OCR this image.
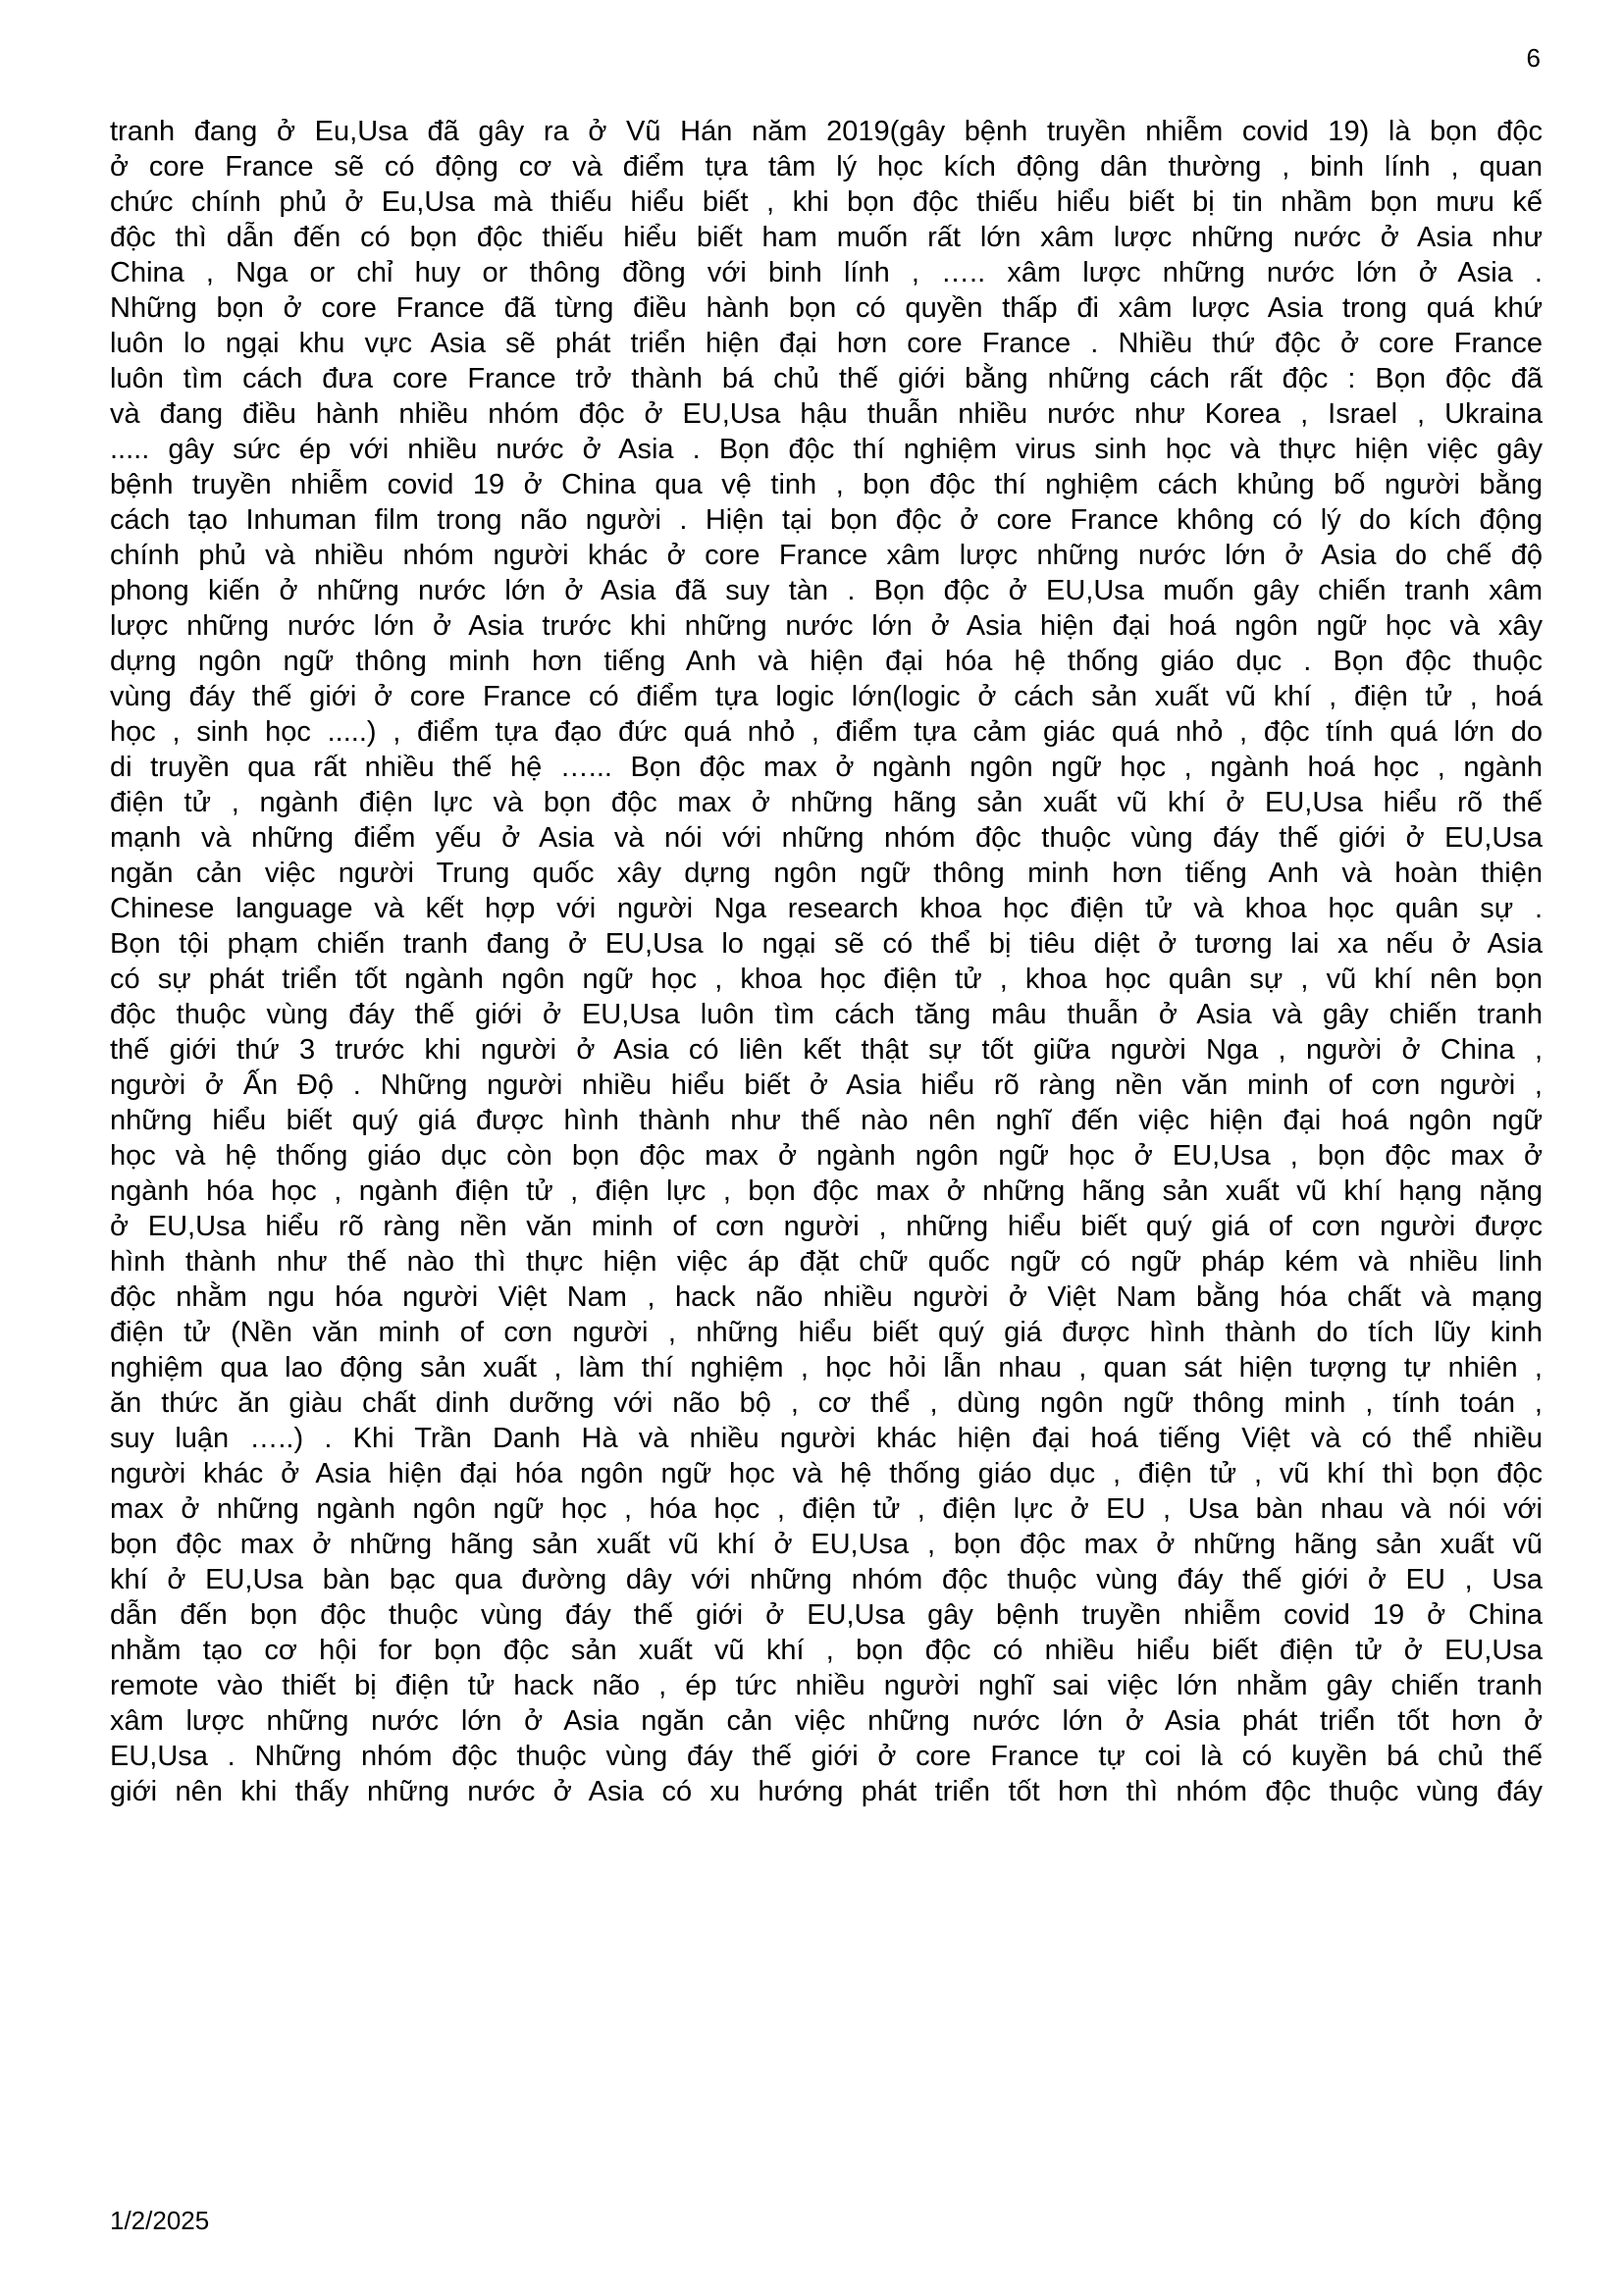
6
tranh đang ở Eu,Usa đã gây ra ở Vũ Hán năm 2019(gây bệnh truyền nhiễm covid 19) là bọn độc
ở core France sẽ có động cơ và điểm tựa tâm lý học kích động dân thường , binh lính , quan
chức chính phủ ở Eu,Usa mà thiếu hiểu biết , khi bọn độc thiếu hiểu biết bị tin nhầm bọn mưu kế
độc thì dẫn đến có bọn độc thiếu hiểu biết ham muốn rất lớn xâm lược những nước ở Asia như
China , Nga or chỉ huy or thông đồng với binh lính , ….. xâm lược những nước lớn ở Asia .
Những bọn ở core France đã từng điều hành bọn có quyền thấp đi xâm lược Asia trong quá khứ
luôn lo ngại khu vực Asia sẽ phát triển hiện đại hơn core France . Nhiều thứ độc ở core France
luôn tìm cách đưa core France trở thành bá chủ thế giới bằng những cách rất độc : Bọn độc đã
và đang điều hành nhiều nhóm độc ở EU,Usa hậu thuẫn nhiều nước như Korea , Israel , Ukraina
..... gây sức ép với nhiều nước ở Asia . Bọn độc thí nghiệm virus sinh học và thực hiện việc gây
bệnh truyền nhiễm covid 19 ở China qua vệ tinh , bọn độc thí nghiệm cách khủng bố người bằng
cách tạo Inhuman film trong não người . Hiện tại bọn độc ở core France không có lý do kích động
chính phủ và nhiều nhóm người khác ở core France xâm lược những nước lớn ở Asia do chế độ
phong kiến ở những nước lớn ở Asia đã suy tàn . Bọn độc ở EU,Usa muốn gây chiến tranh xâm
lược những nước lớn ở Asia trước khi những nước lớn ở Asia hiện đại hoá ngôn ngữ học và xây
dựng ngôn ngữ thông minh hơn tiếng Anh và hiện đại hóa hệ thống giáo dục . Bọn độc thuộc
vùng đáy thế giới ở core France có điểm tựa logic lớn(logic ở cách sản xuất vũ khí , điện tử , hoá
học , sinh học .....) , điểm tựa đạo đức quá nhỏ , điểm tựa cảm giác quá nhỏ , độc tính quá lớn do
di truyền qua rất nhiều thế hệ …... Bọn độc max ở ngành ngôn ngữ học , ngành hoá học , ngành
điện tử , ngành điện lực và bọn độc max ở những hãng sản xuất vũ khí ở EU,Usa hiểu rõ thế
mạnh và những điểm yếu ở Asia và nói với những nhóm độc thuộc vùng đáy thế giới ở EU,Usa
ngăn cản việc người Trung quốc xây dựng ngôn ngữ thông minh hơn tiếng Anh và hoàn thiện
Chinese language và kết hợp với người Nga research khoa học điện tử và khoa học quân sự .
Bọn tội phạm chiến tranh đang ở EU,Usa lo ngại sẽ có thể bị tiêu diệt ở tương lai xa nếu ở Asia
có sự phát triển tốt ngành ngôn ngữ học , khoa học điện tử , khoa học quân sự , vũ khí nên bọn
độc thuộc vùng đáy thế giới ở EU,Usa luôn tìm cách tăng mâu thuẫn ở Asia và gây chiến tranh
thế giới thứ 3 trước khi người ở Asia có liên kết thật sự tốt giữa người Nga , người ở China ,
người ở Ấn Độ . Những người nhiều hiểu biết ở Asia hiểu rõ ràng nền văn minh of cơn người ,
những hiểu biết quý giá được hình thành như thế nào nên nghĩ đến việc hiện đại hoá ngôn ngữ
học và hệ thống giáo dục còn bọn độc max ở ngành ngôn ngữ học ở EU,Usa , bọn độc max ở
ngành hóa học , ngành điện tử , điện lực , bọn độc max ở những hãng sản xuất vũ khí hạng nặng
ở EU,Usa hiểu rõ ràng nền văn minh of cơn người , những hiểu biết quý giá of cơn người được
hình thành như thế nào thì thực hiện việc áp đặt chữ quốc ngữ có ngữ pháp kém và nhiều linh
độc nhằm ngu hóa người Việt Nam , hack não nhiều người ở Việt Nam bằng hóa chất và mạng
điện tử (Nền văn minh of cơn người , những hiểu biết quý giá được hình thành do tích lũy kinh
nghiệm qua lao động sản xuất , làm thí nghiệm , học hỏi lẫn nhau , quan sát hiện tượng tự nhiên ,
ăn thức ăn giàu chất dinh dưỡng với não bộ , cơ thể , dùng ngôn ngữ thông minh , tính toán ,
suy luận …..) . Khi Trần Danh Hà và nhiều người khác hiện đại hoá tiếng Việt và có thể nhiều
người khác ở Asia hiện đại hóa ngôn ngữ học và hệ thống giáo dục , điện tử , vũ khí thì bọn độc
max ở những ngành ngôn ngữ học , hóa học , điện tử , điện lực ở EU , Usa bàn nhau và nói với
bọn độc max ở những hãng sản xuất vũ khí ở EU,Usa , bọn độc max ở những hãng sản xuất vũ
khí ở EU,Usa bàn bạc qua đường dây với những nhóm độc thuộc vùng đáy thế giới ở EU , Usa
dẫn đến bọn độc thuộc vùng đáy thế giới ở EU,Usa gây bệnh truyền nhiễm covid 19 ở China
nhằm tạo cơ hội for bọn độc sản xuất vũ khí , bọn độc có nhiều hiểu biết điện tử ở EU,Usa
remote vào thiết bị điện tử hack não , ép tức nhiều người nghĩ sai việc lớn nhằm gây chiến tranh
xâm lược những nước lớn ở Asia ngăn cản việc những nước lớn ở Asia phát triển tốt hơn ở
EU,Usa . Những nhóm độc thuộc vùng đáy thế giới ở core France tự coi là có kuyền bá chủ thế
giới nên khi thấy những nước ở Asia có xu hướng phát triển tốt hơn thì nhóm độc thuộc vùng đáy
1/2/2025
